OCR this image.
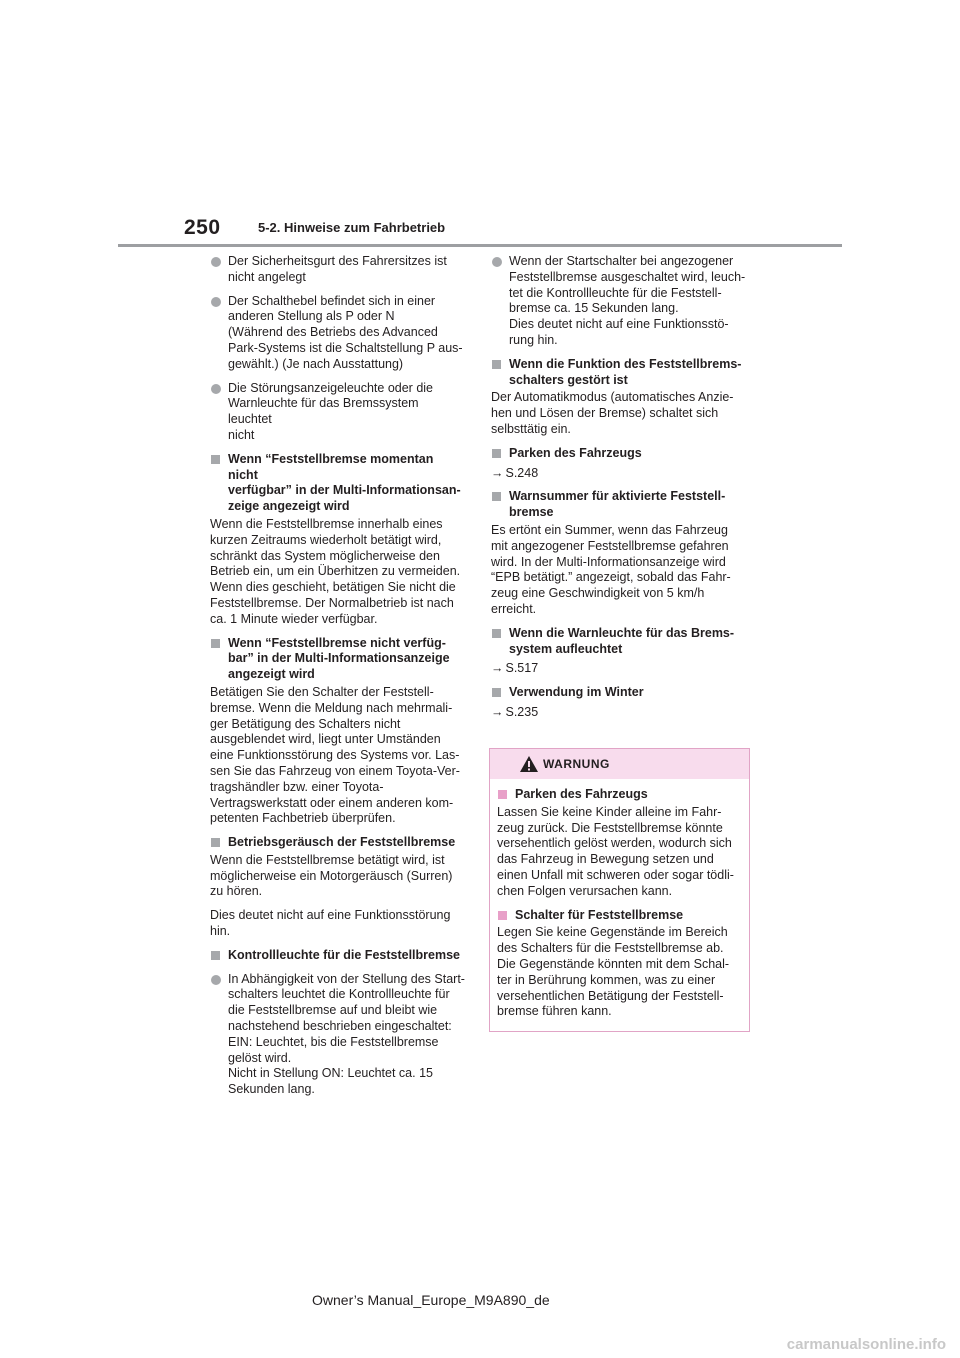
250	5-2. Hinweise zum Fahrbetrieb
Der Sicherheitsgurt des Fahrersitzes ist
nicht angelegt
Der Schalthebel befindet sich in einer
anderen Stellung als P oder N
(Während des Betriebs des Advanced
Park-Systems ist die Schaltstellung P aus-
gewählt.) (Je nach Ausstattung)
Die Störungsanzeigeleuchte oder die
Warnleuchte für das Bremssystem leuchtet
nicht
Wenn “Feststellbremse momentan nicht
verfügbar” in der Multi-Informationsan-
zeige angezeigt wird
Wenn die Feststellbremse innerhalb eines
kurzen Zeitraums wiederholt betätigt wird,
schränkt das System möglicherweise den
Betrieb ein, um ein Überhitzen zu vermeiden.
Wenn dies geschieht, betätigen Sie nicht die
Feststellbremse. Der Normalbetrieb ist nach
ca. 1 Minute wieder verfügbar.
Wenn “Feststellbremse nicht verfüg-
bar” in der Multi-Informationsanzeige
angezeigt wird
Betätigen Sie den Schalter der Feststell-
bremse. Wenn die Meldung nach mehrmali-
ger Betätigung des Schalters nicht
ausgeblendet wird, liegt unter Umständen
eine Funktionsstörung des Systems vor. Las-
sen Sie das Fahrzeug von einem Toyota-Ver-
tragshändler bzw. einer Toyota-
Vertragswerkstatt oder einem anderen kom-
petenten Fachbetrieb überprüfen.
Betriebsgeräusch der Feststellbremse
Wenn die Feststellbremse betätigt wird, ist
möglicherweise ein Motorgeräusch (Surren)
zu hören.
Dies deutet nicht auf eine Funktionsstörung
hin.
Kontrollleuchte für die Feststellbremse
In Abhängigkeit von der Stellung des Start-
schalters leuchtet die Kontrollleuchte für
die Feststellbremse auf und bleibt wie
nachstehend beschrieben eingeschaltet:
EIN: Leuchtet, bis die Feststellbremse
gelöst wird.
Nicht in Stellung ON: Leuchtet ca. 15
Sekunden lang.
Wenn der Startschalter bei angezogener
Feststellbremse ausgeschaltet wird, leuch-
tet die Kontrollleuchte für die Feststell-
bremse ca. 15 Sekunden lang.
Dies deutet nicht auf eine Funktionsstö-
rung hin.
Wenn die Funktion des Feststellbrems-
schalters gestört ist
Der Automatikmodus (automatisches Anzie-
hen und Lösen der Bremse) schaltet sich
selbsttätig ein.
Parken des Fahrzeugs
→ S.248
Warnsummer für aktivierte Feststell-
bremse
Es ertönt ein Summer, wenn das Fahrzeug
mit angezogener Feststellbremse gefahren
wird. In der Multi-Informationsanzeige wird
“EPB betätigt.” angezeigt, sobald das Fahr-
zeug eine Geschwindigkeit von 5 km/h
erreicht.
Wenn die Warnleuchte für das Brems-
system aufleuchtet
→ S.517
Verwendung im Winter
→ S.235
WARNUNG
Parken des Fahrzeugs
Lassen Sie keine Kinder alleine im Fahr-
zeug zurück. Die Feststellbremse könnte
versehentlich gelöst werden, wodurch sich
das Fahrzeug in Bewegung setzen und
einen Unfall mit schweren oder sogar tödli-
chen Folgen verursachen kann.
Schalter für Feststellbremse
Legen Sie keine Gegenstände im Bereich
des Schalters für die Feststellbremse ab.
Die Gegenstände könnten mit dem Schal-
ter in Berührung kommen, was zu einer
versehentlichen Betätigung der Feststell-
bremse führen kann.
Owner’s Manual_Europe_M9A890_de
carmanualsonline.info
